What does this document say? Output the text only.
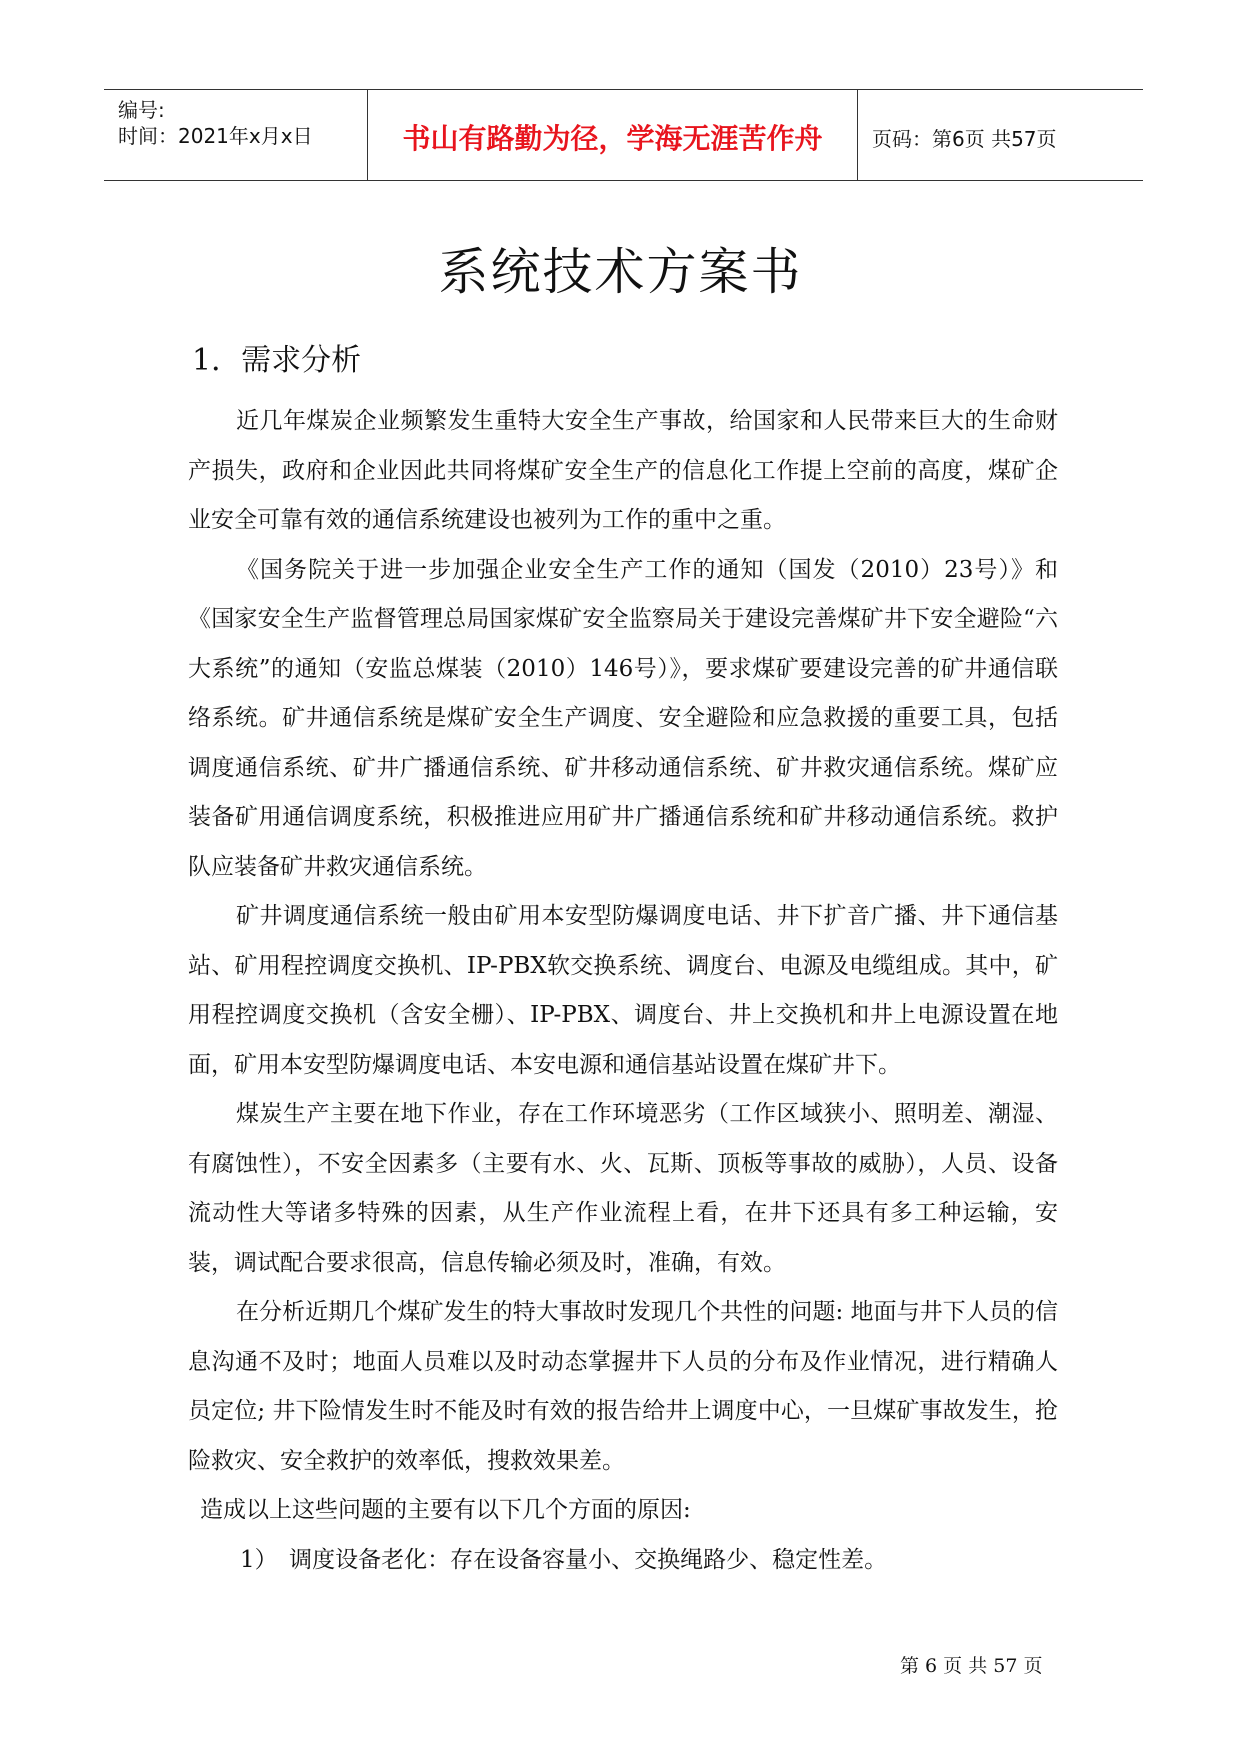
编号:
时间：2021年x月x日	书山有路勤为径，学海无涯苦作舟	页码：第6页 共57页
系统技术方案书
1．需求分析

近几年煤炭企业频繁发生重特大安全生产事故，给国家和人民带来巨大的生命财产损失，政府和企业因此共同将煤矿安全生产的信息化工作提上空前的高度，煤矿企业安全可靠有效的通信系统建设也被列为工作的重中之重。

《国务院关于进一步加强企业安全生产工作的通知（国发（2010）23号）》和《国家安全生产监督管理总局国家煤矿安全监察局关于建设完善煤矿井下安全避险“六大系统”的通知（安监总煤装（2010）146号）》，要求煤矿要建设完善的矿井通信联络系统。矿井通信系统是煤矿安全生产调度、安全避险和应急救援的重要工具，包括调度通信系统、矿井广播通信系统、矿井移动通信系统、矿井救灾通信系统。煤矿应装备矿用通信调度系统，积极推进应用矿井广播通信系统和矿井移动通信系统。救护队应装备矿井救灾通信系统。

矿井调度通信系统一般由矿用本安型防爆调度电话、井下扩音广播、井下通信基站、矿用程控调度交换机、IP-PBX软交换系统、调度台、电源及电缆组成。其中，矿用程控调度交换机（含安全栅）、IP-PBX、调度台、井上交换机和井上电源设置在地面，矿用本安型防爆调度电话、本安电源和通信基站设置在煤矿井下。

煤炭生产主要在地下作业，存在工作环境恶劣（工作区域狭小、照明差、潮湿、有腐蚀性），不安全因素多（主要有水、火、瓦斯、顶板等事故的威胁），人员、设备流动性大等诸多特殊的因素，从生产作业流程上看，在井下还具有多工种运输，安装，调试配合要求很高，信息传输必须及时，准确，有效。

在分析近期几个煤矿发生的特大事故时发现几个共性的问题: 地面与井下人员的信息沟通不及时；地面人员难以及时动态掌握井下人员的分布及作业情况，进行精确人员定位; 井下险情发生时不能及时有效的报告给井上调度中心，一旦煤矿事故发生，抢险救灾、安全救护的效率低，搜救效果差。

造成以上这些问题的主要有以下几个方面的原因:

1）　调度设备老化：存在设备容量小、交换绳路少、稳定性差。

第 6 页 共 57 页
